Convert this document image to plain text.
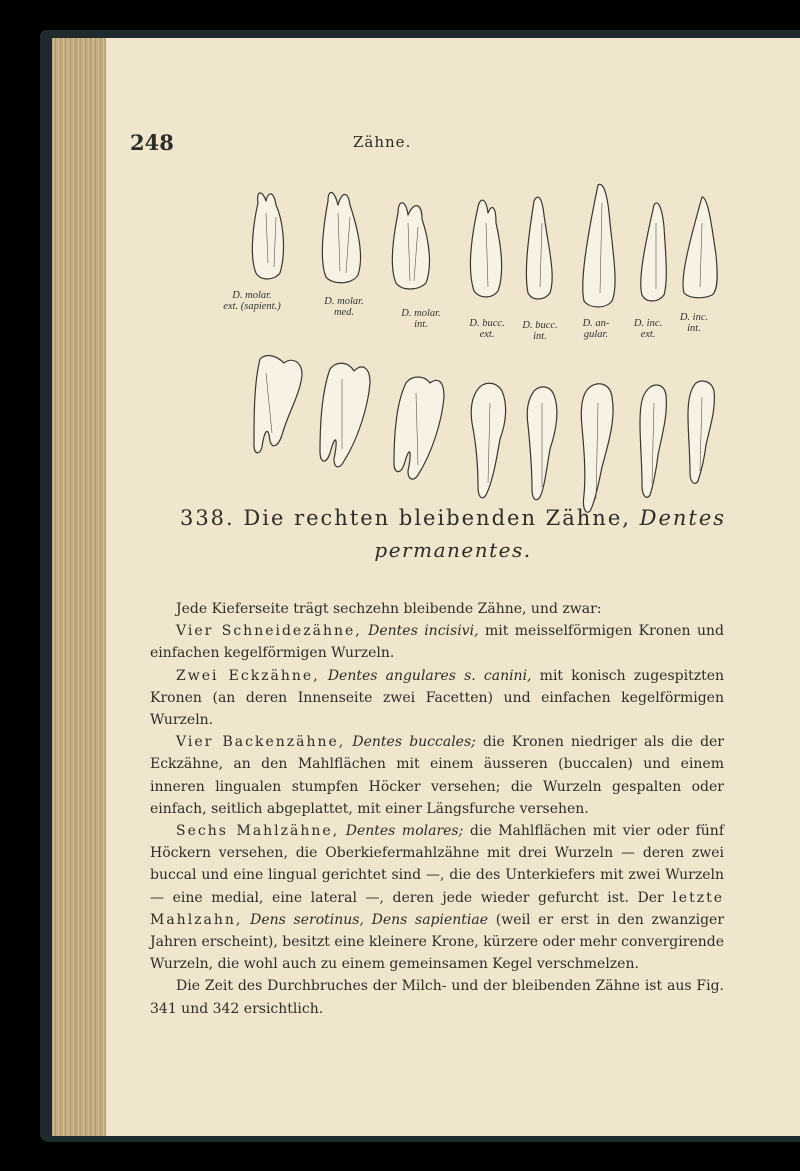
248	Zähne.
D. molar.
ext. (sapient.)	D. molar.
med.	D. molar.
int.	D. bucc.
ext.
D. bucc.
int.
D. an-
gular.
D. inc.
ext.
D. inc.
int.

338. Die rechten bleibenden Zähne, Dentes

permanentes.

Jede Kieferseite trägt sechzehn bleibende Zähne, und zwar:

Vier Schneidezähne, Dentes incisivi, mit meisselförmigen Kronen und einfachen kegelförmigen Wurzeln.

Zwei Eckzähne, Dentes angulares s. canini, mit konisch zugespitzten Kronen (an deren Innenseite zwei Facetten) und einfachen kegelförmigen Wurzeln.

Vier Backenzähne, Dentes buccales; die Kronen niedriger als die der Eckzähne, an den Mahlflächen mit einem äusseren (buccalen) und einem inneren lingualen stumpfen Höcker versehen; die Wurzeln gespalten oder einfach, seitlich abgeplattet, mit einer Längsfurche versehen.

Sechs Mahlzähne, Dentes molares; die Mahlflächen mit vier oder fünf Höckern versehen, die Oberkiefermahlzähne mit drei Wurzeln — deren zwei buccal und eine lingual gerichtet sind —, die des Unterkiefers mit zwei Wurzeln — eine medial, eine lateral —, deren jede wieder gefurcht ist. Der letzte Mahlzahn, Dens serotinus, Dens sapientiae (weil er erst in den zwanziger Jahren erscheint), besitzt eine kleinere Krone, kürzere oder mehr convergirende Wurzeln, die wohl auch zu einem gemeinsamen Kegel verschmelzen.

Die Zeit des Durchbruches der Milch- und der bleibenden Zähne ist aus Fig. 341 und 342 ersichtlich.
